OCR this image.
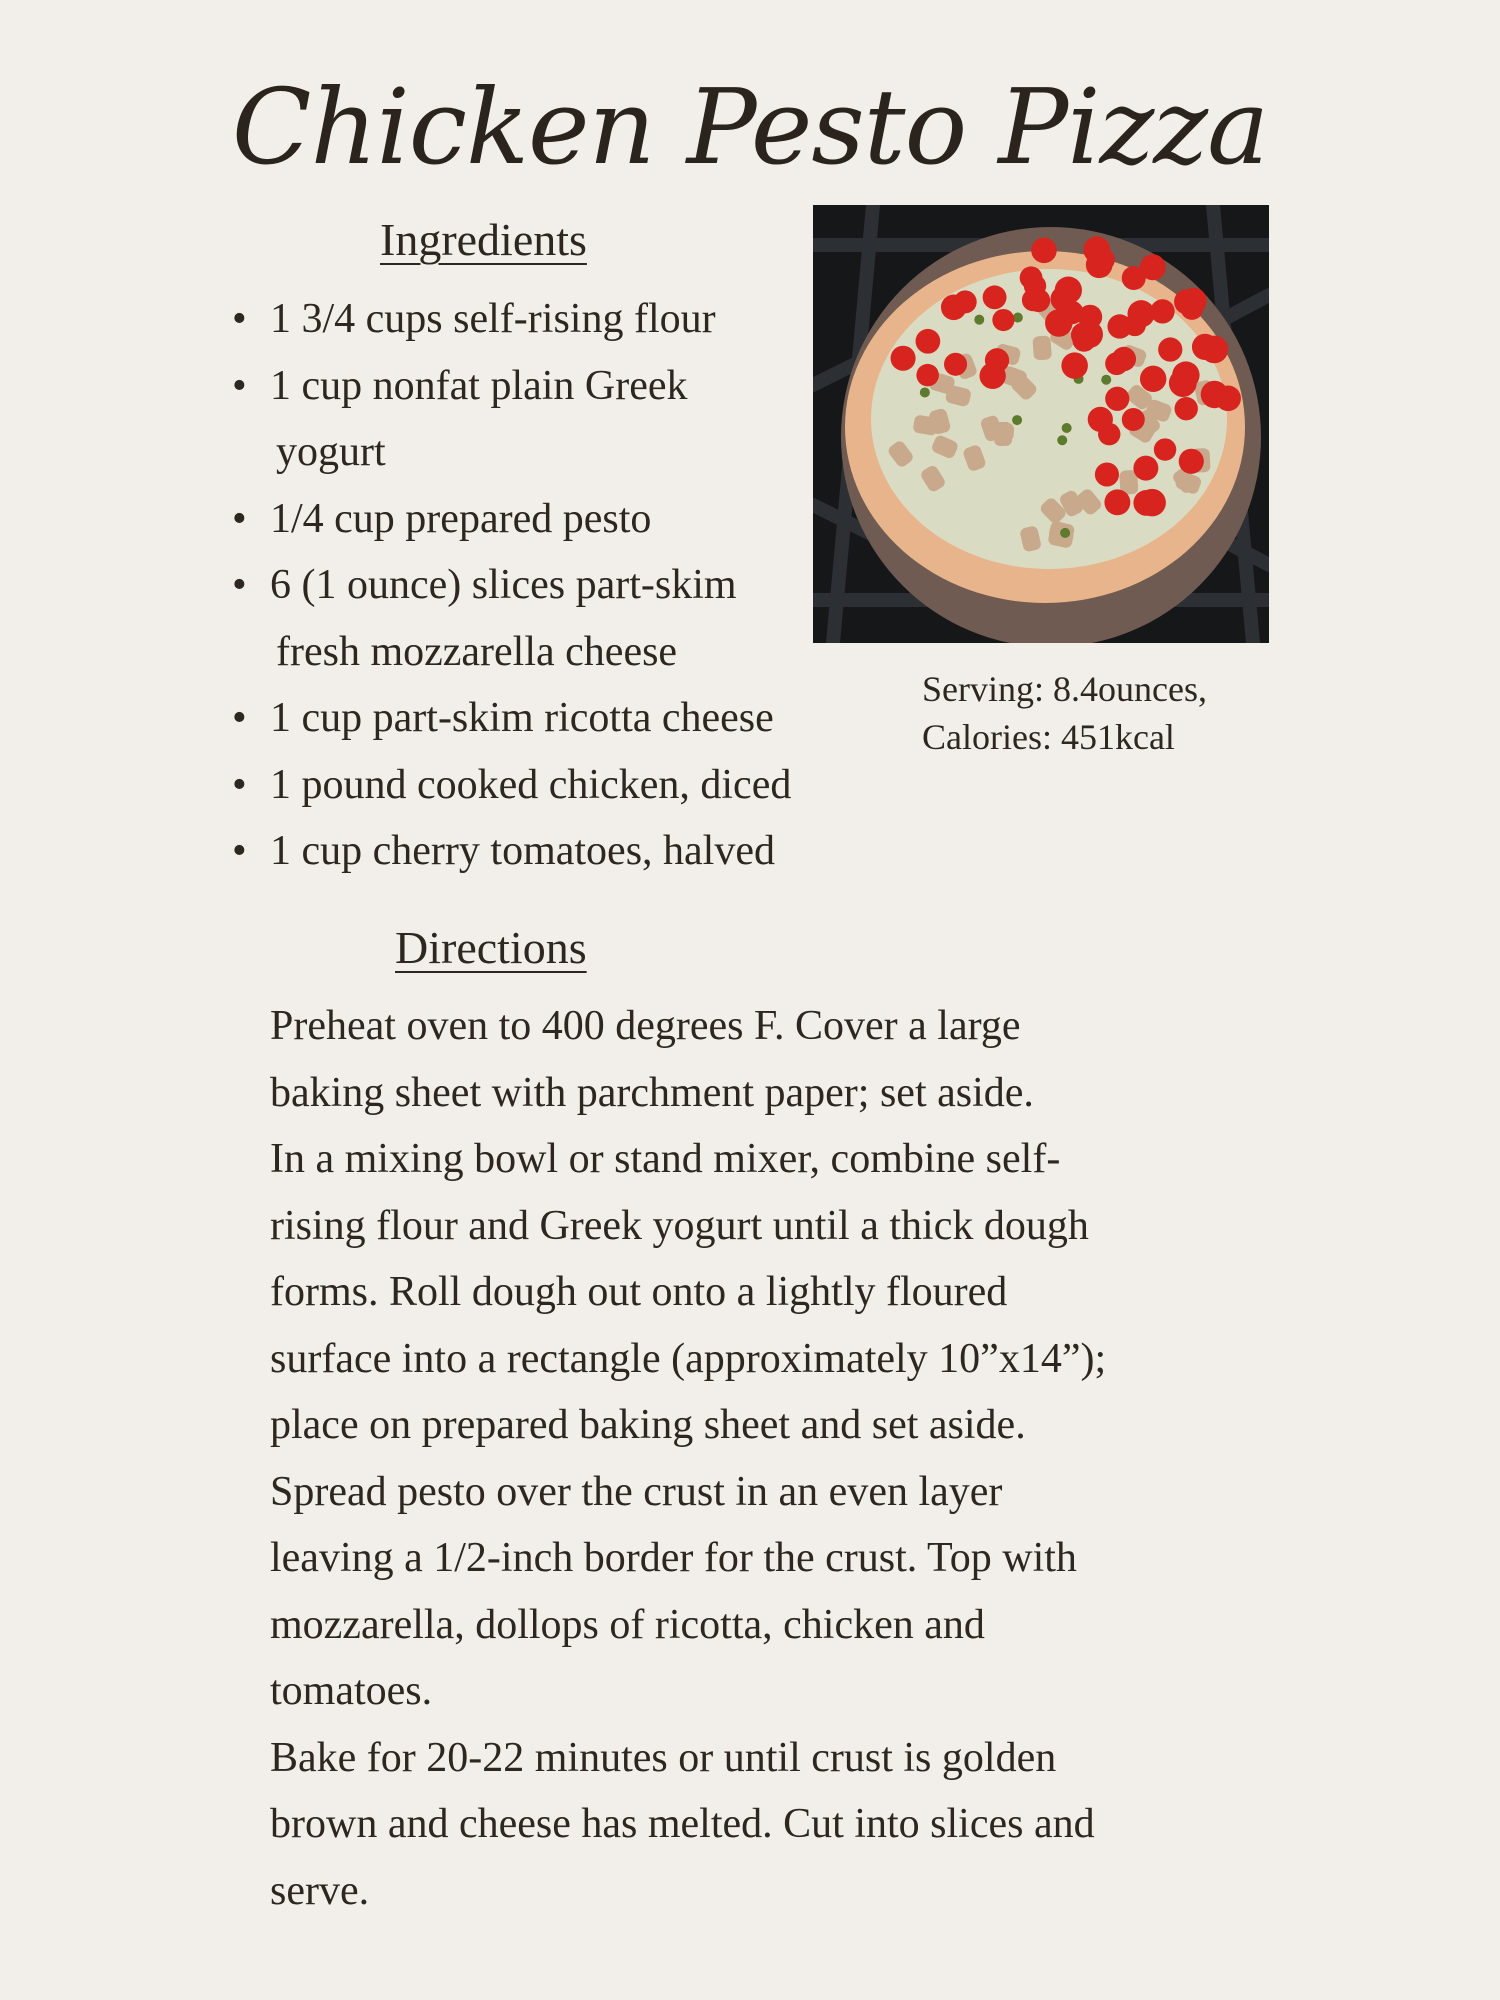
Chicken Pesto Pizza
Ingredients
• 1 3/4 cups self-rising flour
• 1 cup nonfat plain Greek
yogurt
• 1/4 cup prepared pesto
• 6 (1 ounce) slices part-skim
fresh mozzarella cheese
• 1 cup part-skim ricotta cheese
• 1 pound cooked chicken, diced
• 1 cup cherry tomatoes, halved
Serving: 8.4ounces,
Calories: 451kcal
Directions
Preheat oven to 400 degrees F. Cover a large
baking sheet with parchment paper; set aside.
In a mixing bowl or stand mixer, combine self-
rising flour and Greek yogurt until a thick dough
forms. Roll dough out onto a lightly floured
surface into a rectangle (approximately 10”x14”);
place on prepared baking sheet and set aside.
Spread pesto over the crust in an even layer
leaving a 1/2-inch border for the crust. Top with
mozzarella, dollops of ricotta, chicken and
tomatoes.
Bake for 20-22 minutes or until crust is golden
brown and cheese has melted. Cut into slices and
serve.
